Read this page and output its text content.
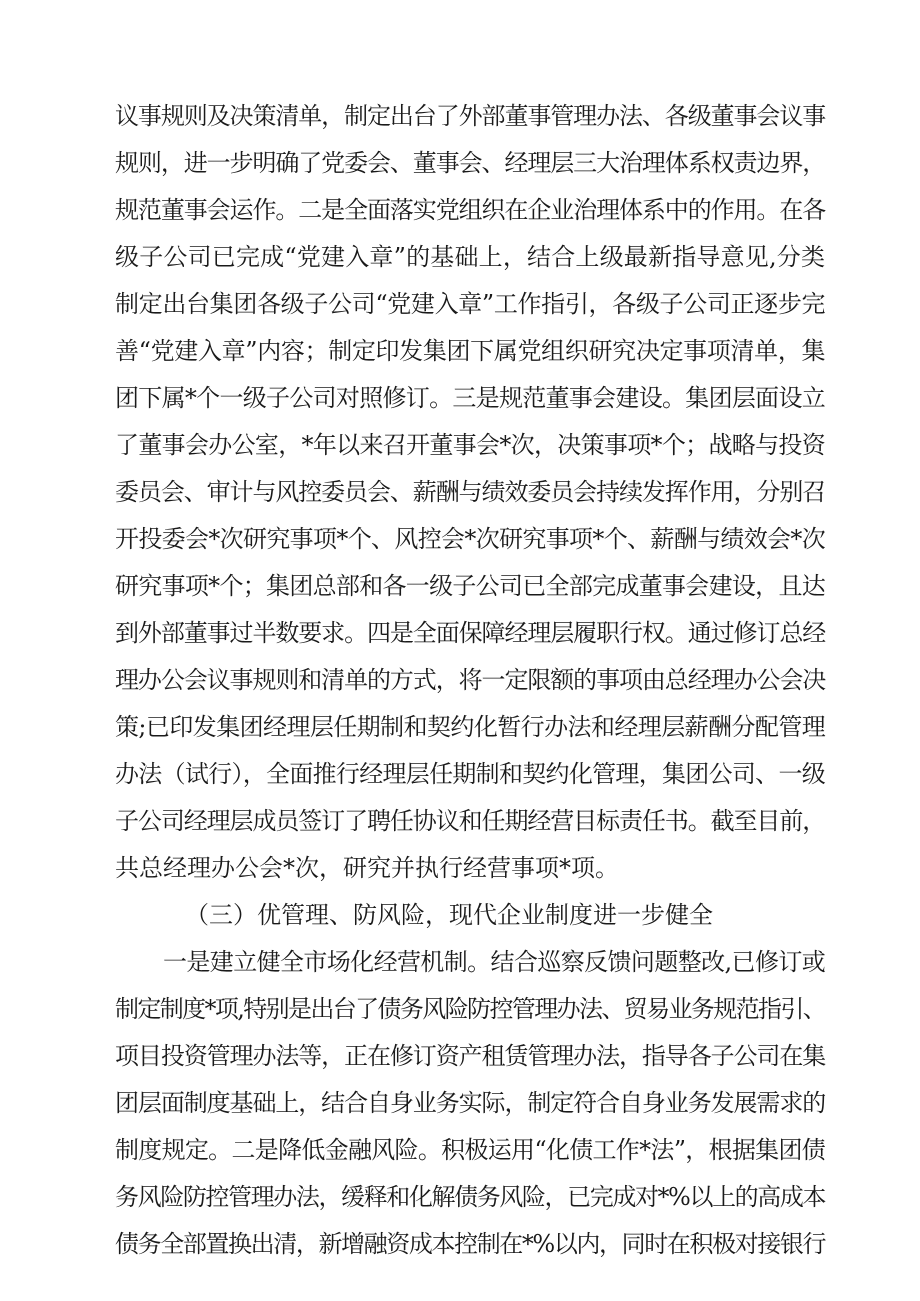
议事规则及决策清单，制定出台了外部董事管理办法、各级董事会议事
规则，进一步明确了党委会、董事会、经理层三大治理体系权责边界，
规范董事会运作。二是全面落实党组织在企业治理体系中的作用。在各
级子公司已完成“党建入章”的基础上，结合上级最新指导意见,分类
制定出台集团各级子公司“党建入章”工作指引，各级子公司正逐步完
善“党建入章”内容；制定印发集团下属党组织研究决定事项清单，集
团下属*个一级子公司对照修订。三是规范董事会建设。集团层面设立
了董事会办公室，*年以来召开董事会*次，决策事项*个；战略与投资
委员会、审计与风控委员会、薪酬与绩效委员会持续发挥作用，分别召
开投委会*次研究事项*个、风控会*次研究事项*个、薪酬与绩效会*次
研究事项*个；集团总部和各一级子公司已全部完成董事会建设，且达
到外部董事过半数要求。四是全面保障经理层履职行权。通过修订总经
理办公会议事规则和清单的方式，将一定限额的事项由总经理办公会决
策;已印发集团经理层任期制和契约化暂行办法和经理层薪酬分配管理
办法（试行），全面推行经理层任期制和契约化管理，集团公司、一级
子公司经理层成员签订了聘任协议和任期经营目标责任书。截至目前，
共总经理办公会*次，研究并执行经营事项*项。
（三）优管理、防风险，现代企业制度进一步健全
一是建立健全市场化经营机制。结合巡察反馈问题整改,已修订或
制定制度*项,特别是出台了债务风险防控管理办法、贸易业务规范指引、
项目投资管理办法等，正在修订资产租赁管理办法，指导各子公司在集
团层面制度基础上，结合自身业务实际，制定符合自身业务发展需求的
制度规定。二是降低金融风险。积极运用“化债工作*法”，根据集团债
务风险防控管理办法，缓释和化解债务风险，已完成对*%以上的高成本
债务全部置换出清，新增融资成本控制在*%以内，同时在积极对接银行
